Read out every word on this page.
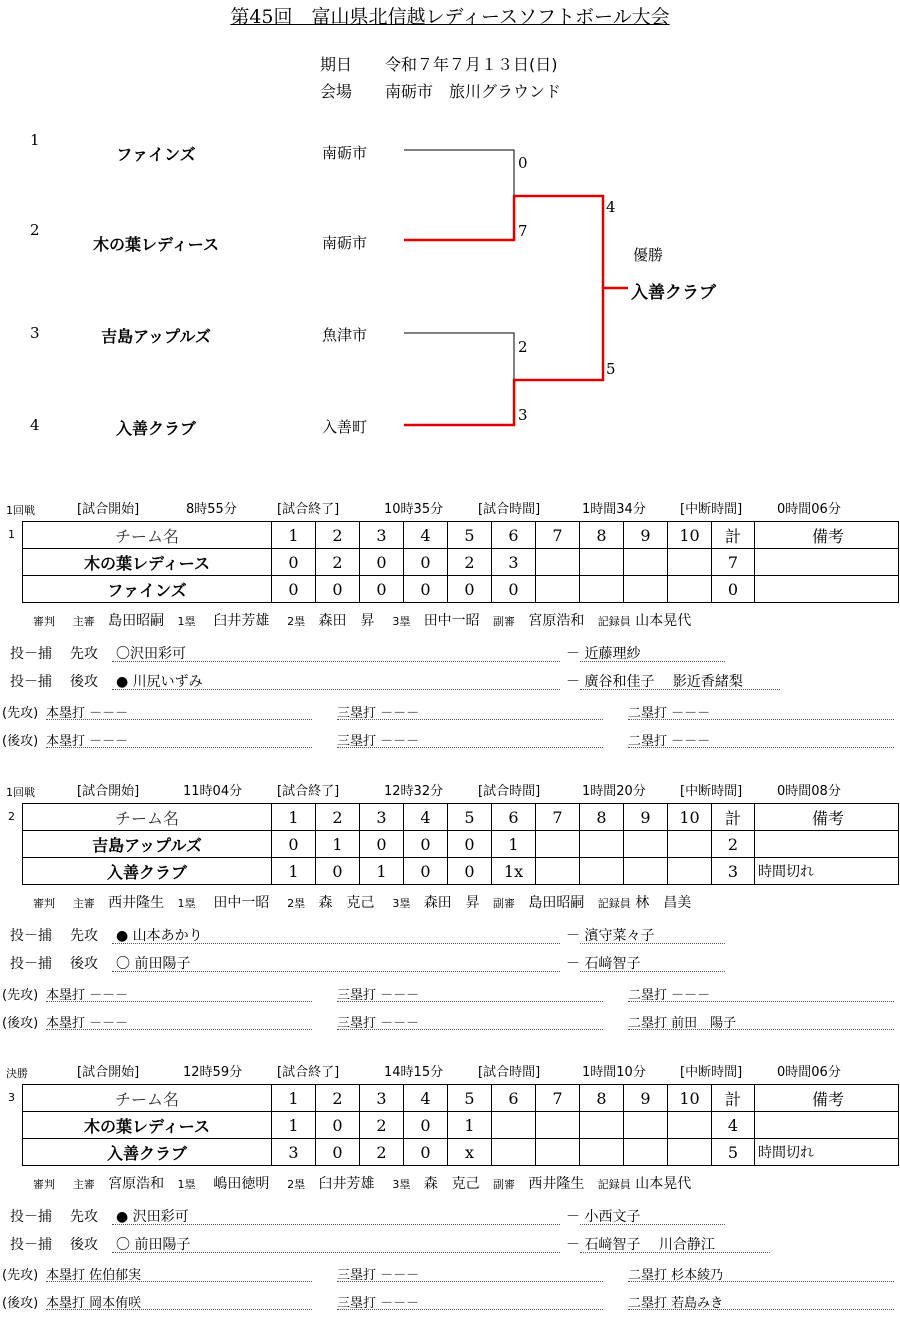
第45回　富山県北信越レディースソフトボール大会
期日 令和７年７月１３日(日)
会場 南砺市　旅川グラウンド
1
ファインズ	南砺市
2
木の葉レディース	南砺市
3	吉島アップルズ	魚津市
4	入善クラブ	入善町
0
7
2
3
4
5
優勝
入善クラブ
1回戦	[試合開始]	8時55分	[試合終了]	10時35分	[試合時間]	1時間34分	[中断時間]	0時間06分
1	チーム名	1	2	3	4	5	6	7	8	9	10	計	備考
木の葉レディース	0	2	0	0	2	3					7	
ファインズ	0	0	0	0	0	0					0	
審判 主審 島田昭嗣 1塁 臼井芳雄 2塁 森田　昇 3塁 田中一昭 副審 宮原浩和 記録員 山本晃代
投－捕 先攻 〇沢田彩可	－ 近藤理紗
投－捕 後攻 ● 川尻いずみ	－ 廣谷和佳子　 影近香緒梨
(先攻) 本塁打 －－－	三塁打 －－－	二塁打 －－－
(後攻) 本塁打 －－－	三塁打 －－－	二塁打 －－－
1回戦	[試合開始]	11時04分	[試合終了]	12時32分	[試合時間]	1時間20分	[中断時間]	0時間08分
2	チーム名	1	2	3	4	5	6	7	8	9	10	計	備考
吉島アップルズ	0	1	0	0	0	1					2	
入善クラブ	1	0	1	0	0	1x					3	時間切れ
審判 主審 西井隆生 1塁 田中一昭 2塁 森　克己 3塁 森田　昇 副審 島田昭嗣 記録員 林　昌美
投－捕 先攻 ● 山本あかり	－ 濱守菜々子
投－捕 後攻 〇 前田陽子	－ 石﨑智子
(先攻) 本塁打 －－－	三塁打 －－－	二塁打 －－－
(後攻) 本塁打 －－－	三塁打 －－－	二塁打 前田　陽子
決勝	[試合開始]	12時59分	[試合終了]	14時15分	[試合時間]	1時間10分	[中断時間]	0時間06分
3	チーム名	1	2	3	4	5	6	7	8	9	10	計	備考
木の葉レディース	1	0	2	0	1						4	
入善クラブ	3	0	2	0	x						5	時間切れ
審判 主審 宮原浩和 1塁 嶋田徳明 2塁 臼井芳雄 3塁 森　克己 副審 西井隆生 記録員 山本晃代
投－捕 先攻 ● 沢田彩可	－ 小西文子
投－捕 後攻 〇 前田陽子	－ 石﨑智子　 川合静江
(先攻) 本塁打 佐伯郁実	三塁打 －－－	二塁打 杉本綾乃
(後攻) 本塁打 岡本侑咲	三塁打 －－－	二塁打 若島みき
